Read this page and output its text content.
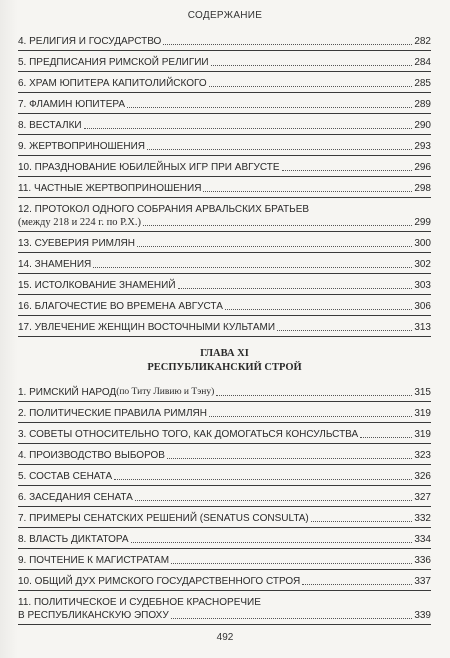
СОДЕРЖАНИЕ
4. РЕЛИГИЯ И ГОСУДАРСТВО	282
5. ПРЕДПИСАНИЯ РИМСКОЙ РЕЛИГИИ	284
6. ХРАМ ЮПИТЕРА КАПИТОЛИЙСКОГО	285
7. ФЛАМИН ЮПИТЕРА	289
8. ВЕСТАЛКИ	290
9. ЖЕРТВОПРИНОШЕНИЯ	293
10. ПРАЗДНОВАНИЕ ЮБИЛЕЙНЫХ ИГР ПРИ АВГУСТЕ	296
11. ЧАСТНЫЕ ЖЕРТВОПРИНОШЕНИЯ	298
12. ПРОТОКОЛ ОДНОГО СОБРАНИЯ АРВАЛЬСКИХ БРАТЬЕВ
(между 218 и 224 г. по Р.Х.)	299
13. СУЕВЕРИЯ РИМЛЯН	300
14. ЗНАМЕНИЯ	302
15. ИСТОЛКОВАНИЕ ЗНАМЕНИЙ	303
16. БЛАГОЧЕСТИЕ ВО ВРЕМЕНА АВГУСТА	306
17. УВЛЕЧЕНИЕ ЖЕНЩИН ВОСТОЧНЫМИ КУЛЬТАМИ	313
ГЛАВА XI
РЕСПУБЛИКАНСКИЙ СТРОЙ
1. РИМСКИЙ НАРОД (по Титу Ливию и Тэну)	315
2. ПОЛИТИЧЕСКИЕ ПРАВИЛА РИМЛЯН	319
3. СОВЕТЫ ОТНОСИТЕЛЬНО ТОГО, КАК ДОМОГАТЬСЯ КОНСУЛЬСТВА	319
4. ПРОИЗВОДСТВО ВЫБОРОВ	323
5. СОСТАВ СЕНАТА	326
6. ЗАСЕДАНИЯ СЕНАТА	327
7. ПРИМЕРЫ СЕНАТСКИХ РЕШЕНИЙ (SENATUS CONSULTA)	332
8. ВЛАСТЬ ДИКТАТОРА	334
9. ПОЧТЕНИЕ К МАГИСТРАТАМ	336
10. ОБЩИЙ ДУХ РИМСКОГО ГОСУДАРСТВЕННОГО СТРОЯ	337
11. ПОЛИТИЧЕСКОЕ И СУДЕБНОЕ КРАСНОРЕЧИЕ
В РЕСПУБЛИКАНСКУЮ ЭПОХУ	339
492
